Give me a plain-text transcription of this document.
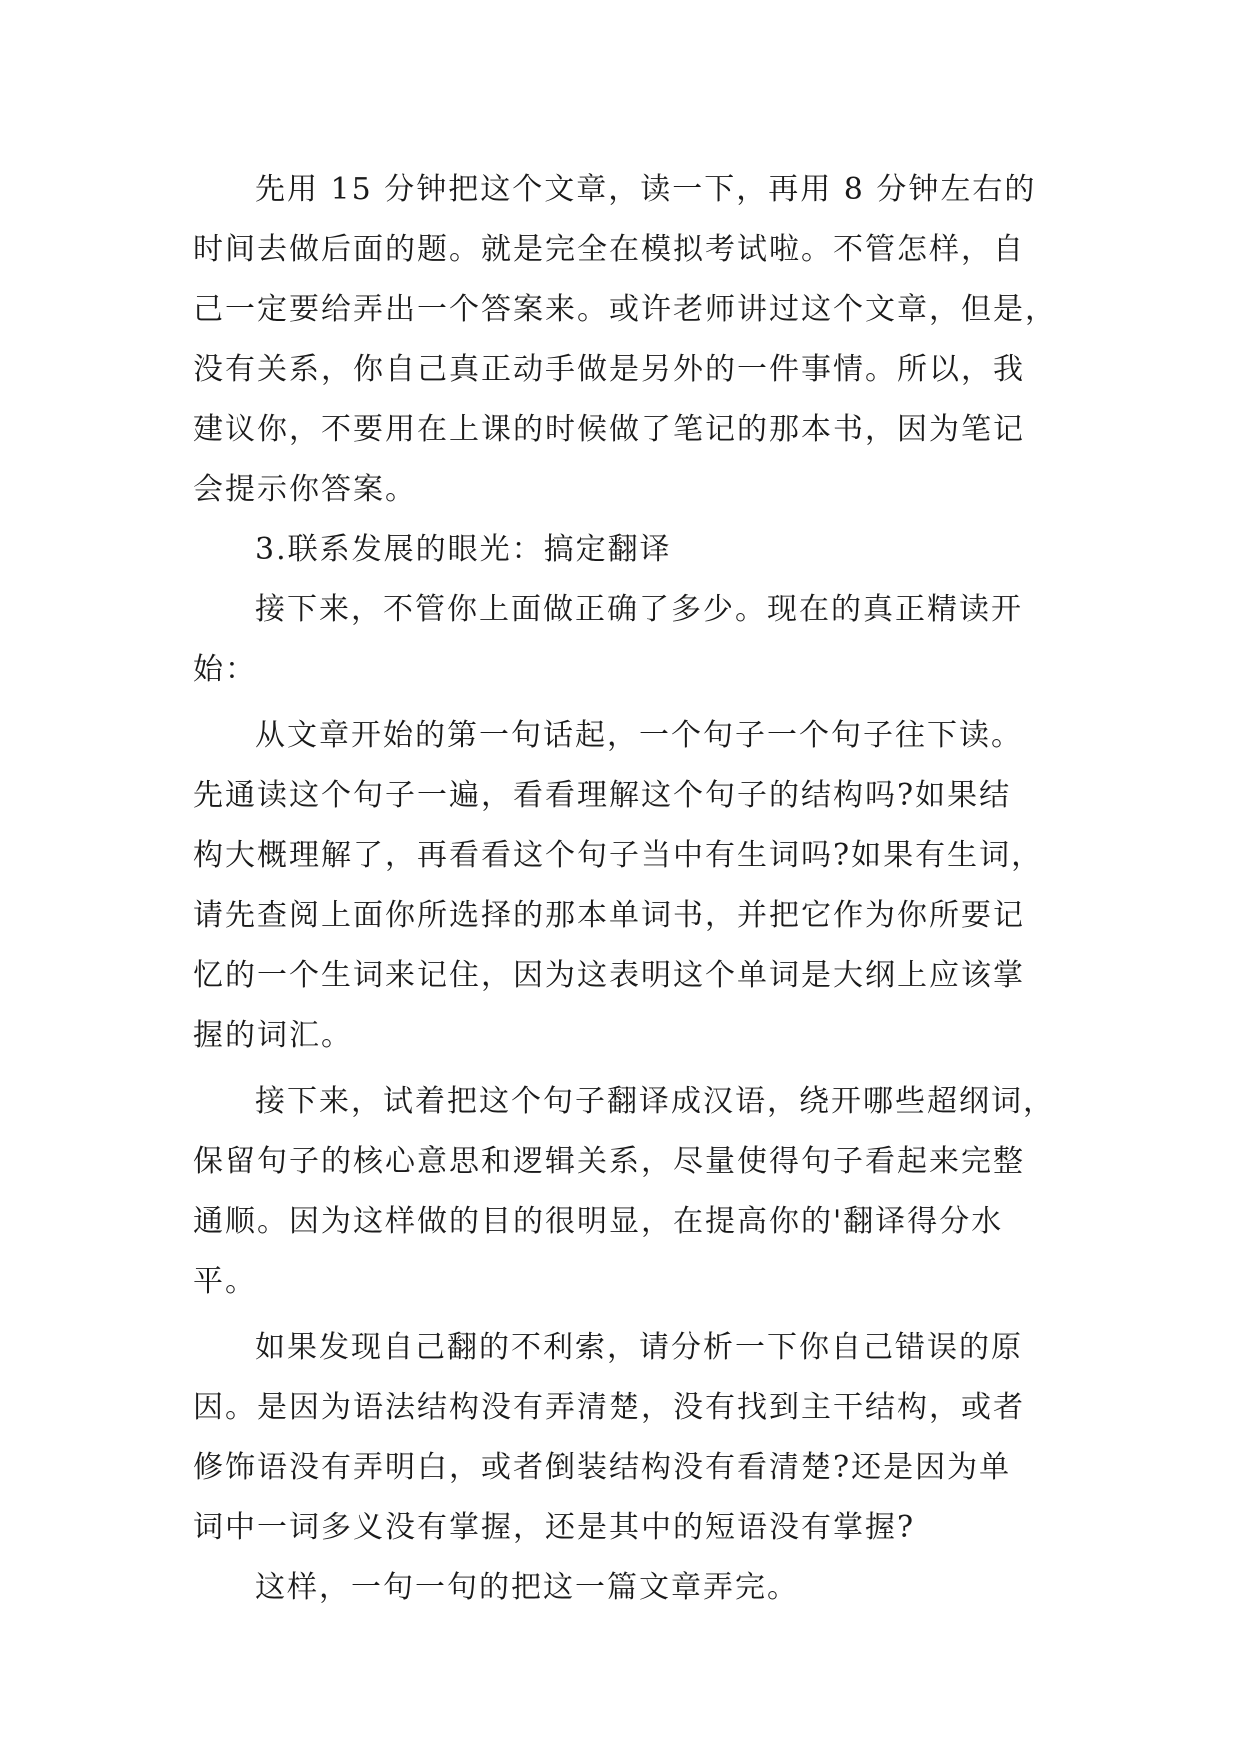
先用 15 分钟把这个文章，读一下，再用 8 分钟左右的
时间去做后面的题。就是完全在模拟考试啦。不管怎样，自
己一定要给弄出一个答案来。或许老师讲过这个文章，但是，
没有关系，你自己真正动手做是另外的一件事情。所以，我
建议你，不要用在上课的时候做了笔记的那本书，因为笔记
会提示你答案。
3.联系发展的眼光：搞定翻译
接下来，不管你上面做正确了多少。现在的真正精读开
始：
从文章开始的第一句话起，一个句子一个句子往下读。
先通读这个句子一遍，看看理解这个句子的结构吗?如果结
构大概理解了，再看看这个句子当中有生词吗?如果有生词，
请先查阅上面你所选择的那本单词书，并把它作为你所要记
忆的一个生词来记住，因为这表明这个单词是大纲上应该掌
握的词汇。
接下来，试着把这个句子翻译成汉语，绕开哪些超纲词，
保留句子的核心意思和逻辑关系，尽量使得句子看起来完整
通顺。因为这样做的目的很明显，在提高你的'翻译得分水
平。
如果发现自己翻的不利索，请分析一下你自己错误的原
因。是因为语法结构没有弄清楚，没有找到主干结构，或者
修饰语没有弄明白，或者倒装结构没有看清楚?还是因为单
词中一词多义没有掌握，还是其中的短语没有掌握?
这样，一句一句的把这一篇文章弄完。
